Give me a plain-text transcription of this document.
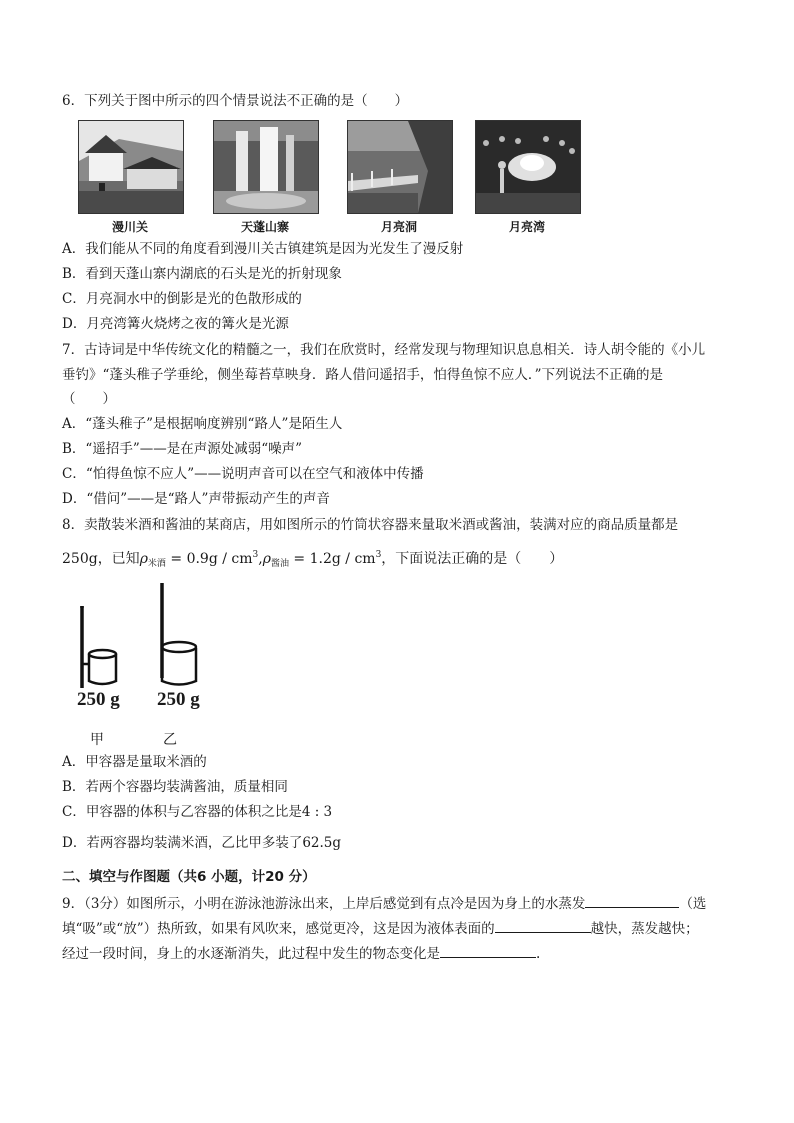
6．下列关于图中所示的四个情景说法不正确的是（　　）
漫川关	天蓬山寨	月亮洞	月亮湾
A．我们能从不同的角度看到漫川关古镇建筑是因为光发生了漫反射
B．看到天蓬山寨内湖底的石头是光的折射现象
C．月亮洞水中的倒影是光的色散形成的
D．月亮湾篝火烧烤之夜的篝火是光源
7．古诗词是中华传统文化的精髓之一，我们在欣赏时，经常发现与物理知识息息相关．诗人胡令能的《小儿
垂钓》“蓬头稚子学垂纶，侧坐莓苔草映身．路人借问遥招手，怕得鱼惊不应人．”下列说法不正确的是
（　　）
A．“蓬头稚子”是根据响度辨别“路人”是陌生人
B．“遥招手”——是在声源处减弱“噪声”
C．“怕得鱼惊不应人”——说明声音可以在空气和液体中传播
D．“借问”——是“路人”声带振动产生的声音
8．卖散装米酒和酱油的某商店，用如图所示的竹筒状容器来量取米酒或酱油，装满对应的商品质量都是
250g，已知$\rho_{米酒} = 0.9g / cm^3,\rho_{酱油} = 1.2g / cm^3$，下面说法正确的是（　　）
250 g 250 g
甲	乙
A．甲容器是量取米酒的
B．若两个容器均装满酱油，质量相同
C．甲容器的体积与乙容器的体积之比是4 : 3
D．若两容器均装满米酒，乙比甲多装了62.5g
二、填空与作图题（共6 小题，计20 分）
9．（3分）如图所示，小明在游泳池游泳出来，上岸后感觉到有点冷是因为身上的水蒸发	（选
填“吸”或“放”）热所致，如果有风吹来，感觉更冷，这是因为液体表面的	越快，蒸发越快；
经过一段时间，身上的水逐渐消失，此过程中发生的物态变化是	.
